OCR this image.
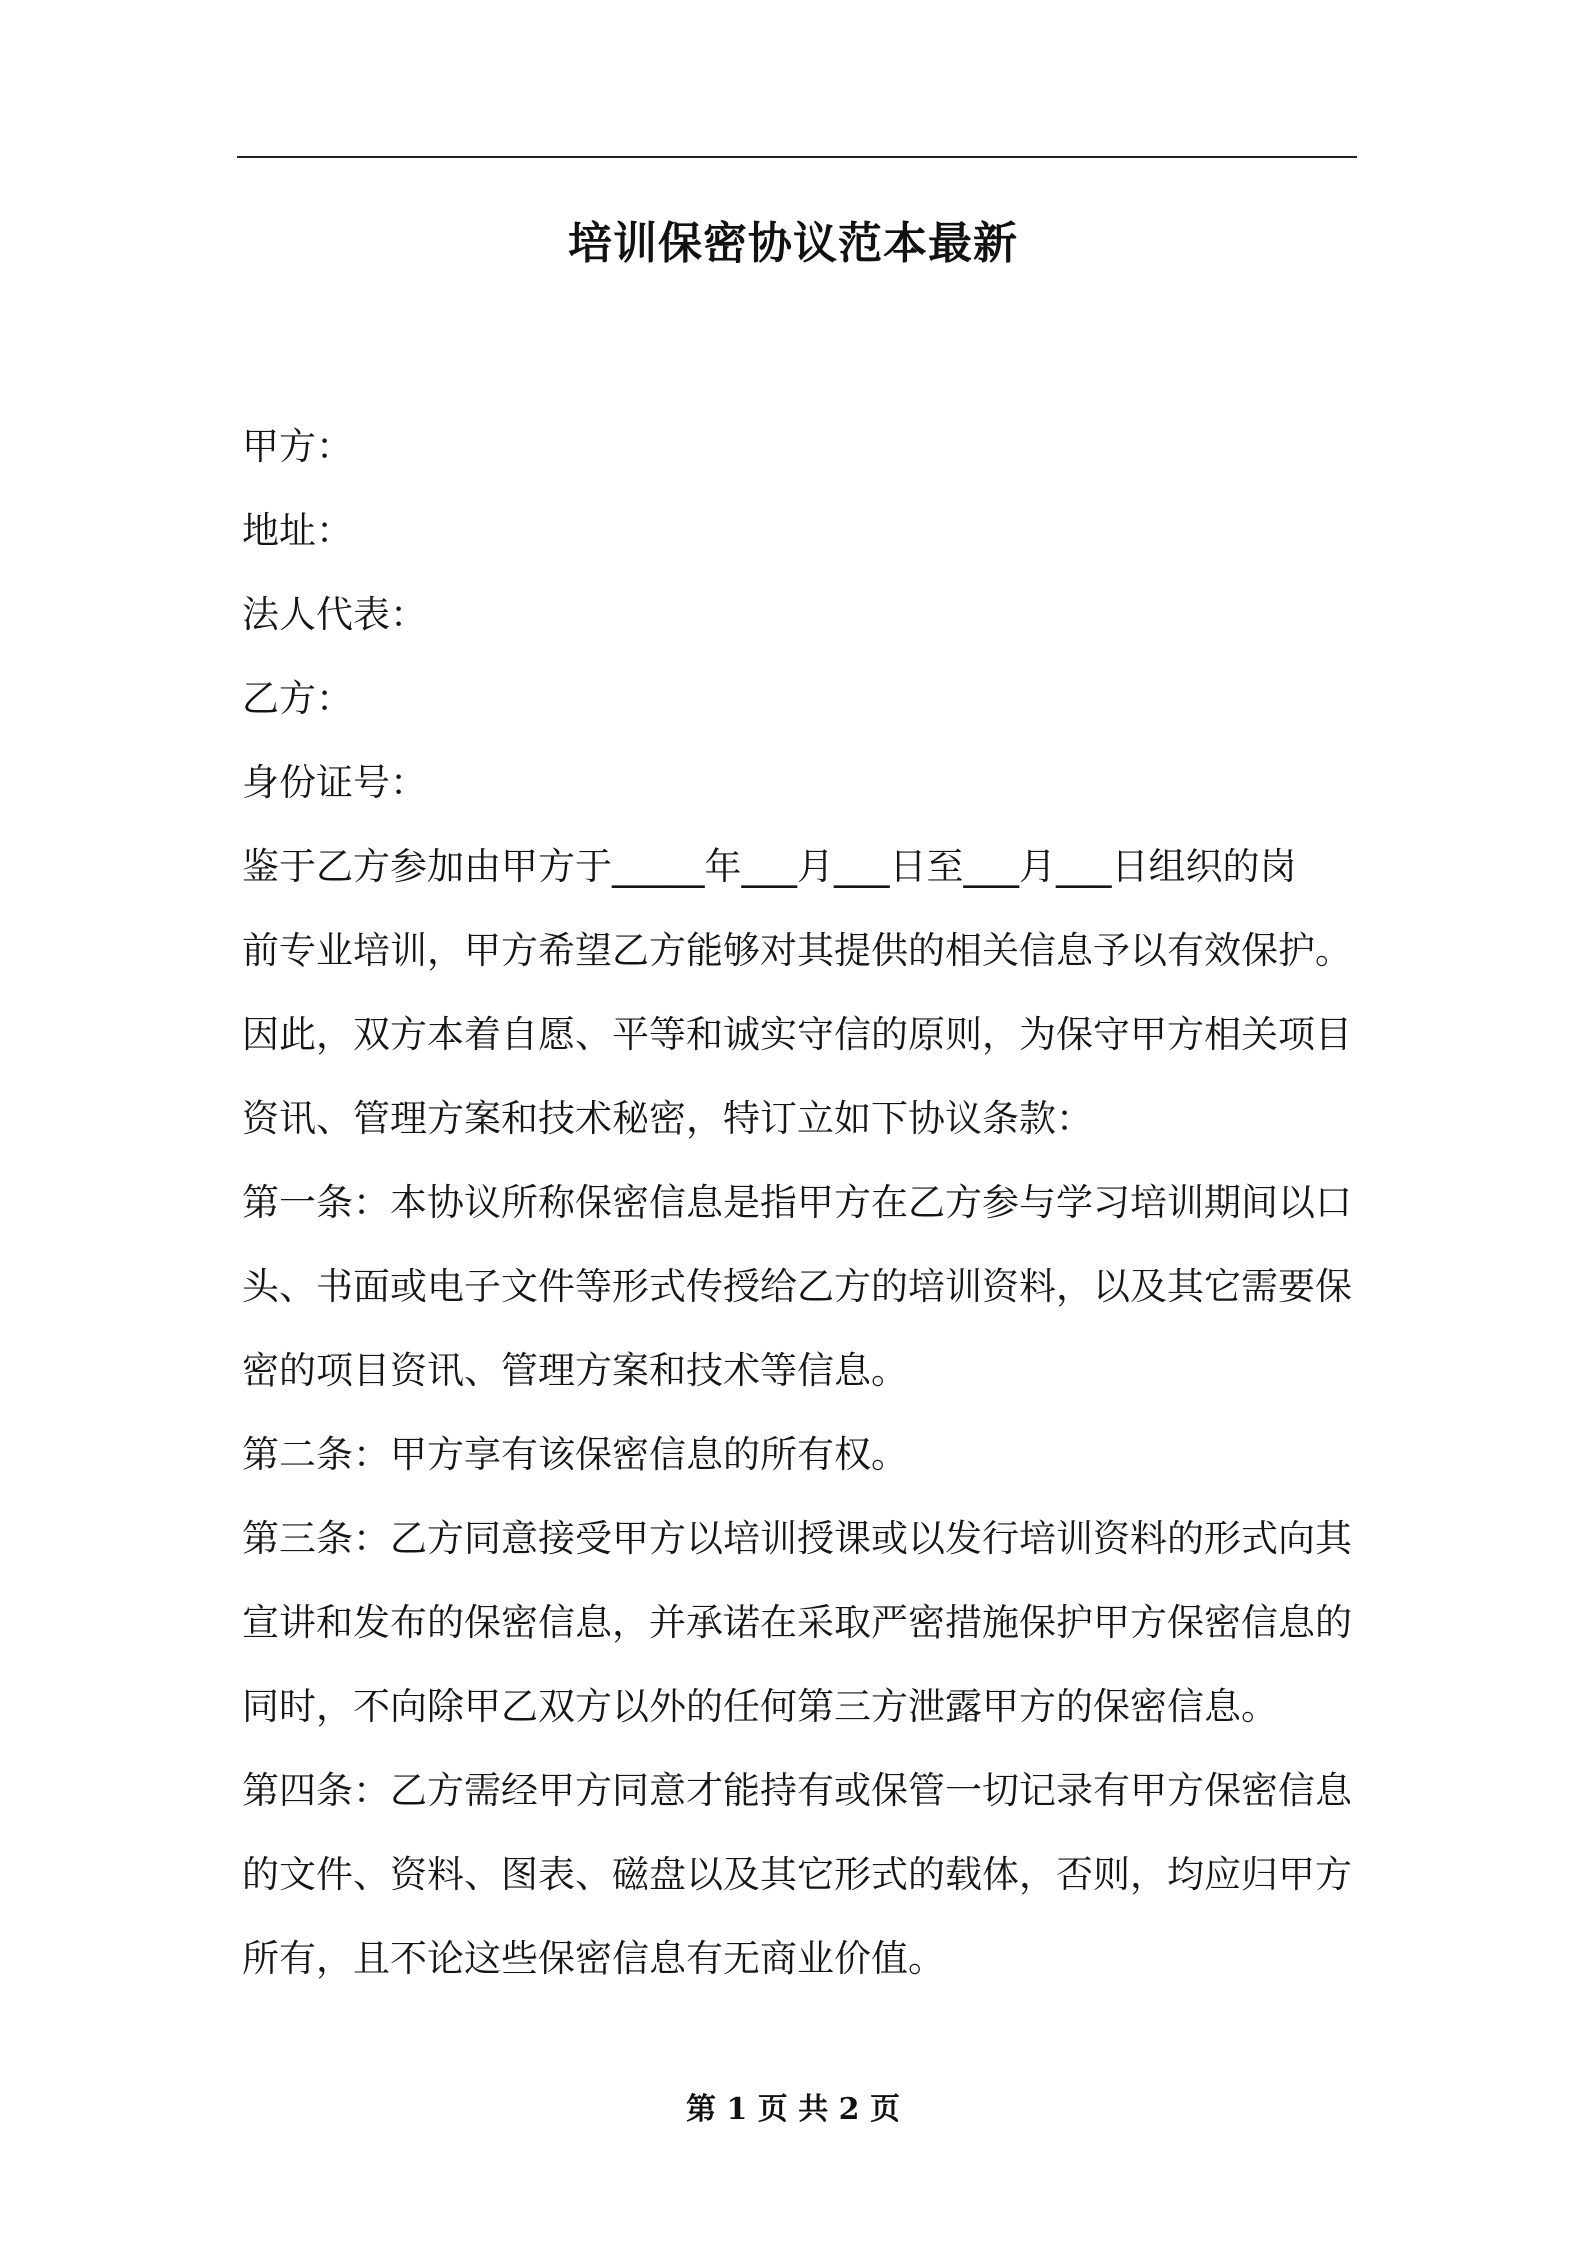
培训保密协议范本最新
甲方：
地址：
法人代表：
乙方：
身份证号：
鉴于乙方参加由甲方于_____年___月___日至___月___日组织的岗
前专业培训，甲方希望乙方能够对其提供的相关信息予以有效保护。
因此，双方本着自愿、平等和诚实守信的原则，为保守甲方相关项目
资讯、管理方案和技术秘密，特订立如下协议条款：
第一条：本协议所称保密信息是指甲方在乙方参与学习培训期间以口
头、书面或电子文件等形式传授给乙方的培训资料，以及其它需要保
密的项目资讯、管理方案和技术等信息。
第二条：甲方享有该保密信息的所有权。
第三条：乙方同意接受甲方以培训授课或以发行培训资料的形式向其
宣讲和发布的保密信息，并承诺在采取严密措施保护甲方保密信息的
同时，不向除甲乙双方以外的任何第三方泄露甲方的保密信息。
第四条：乙方需经甲方同意才能持有或保管一切记录有甲方保密信息
的文件、资料、图表、磁盘以及其它形式的载体，否则，均应归甲方
所有，且不论这些保密信息有无商业价值。
第 1 页 共 2 页
